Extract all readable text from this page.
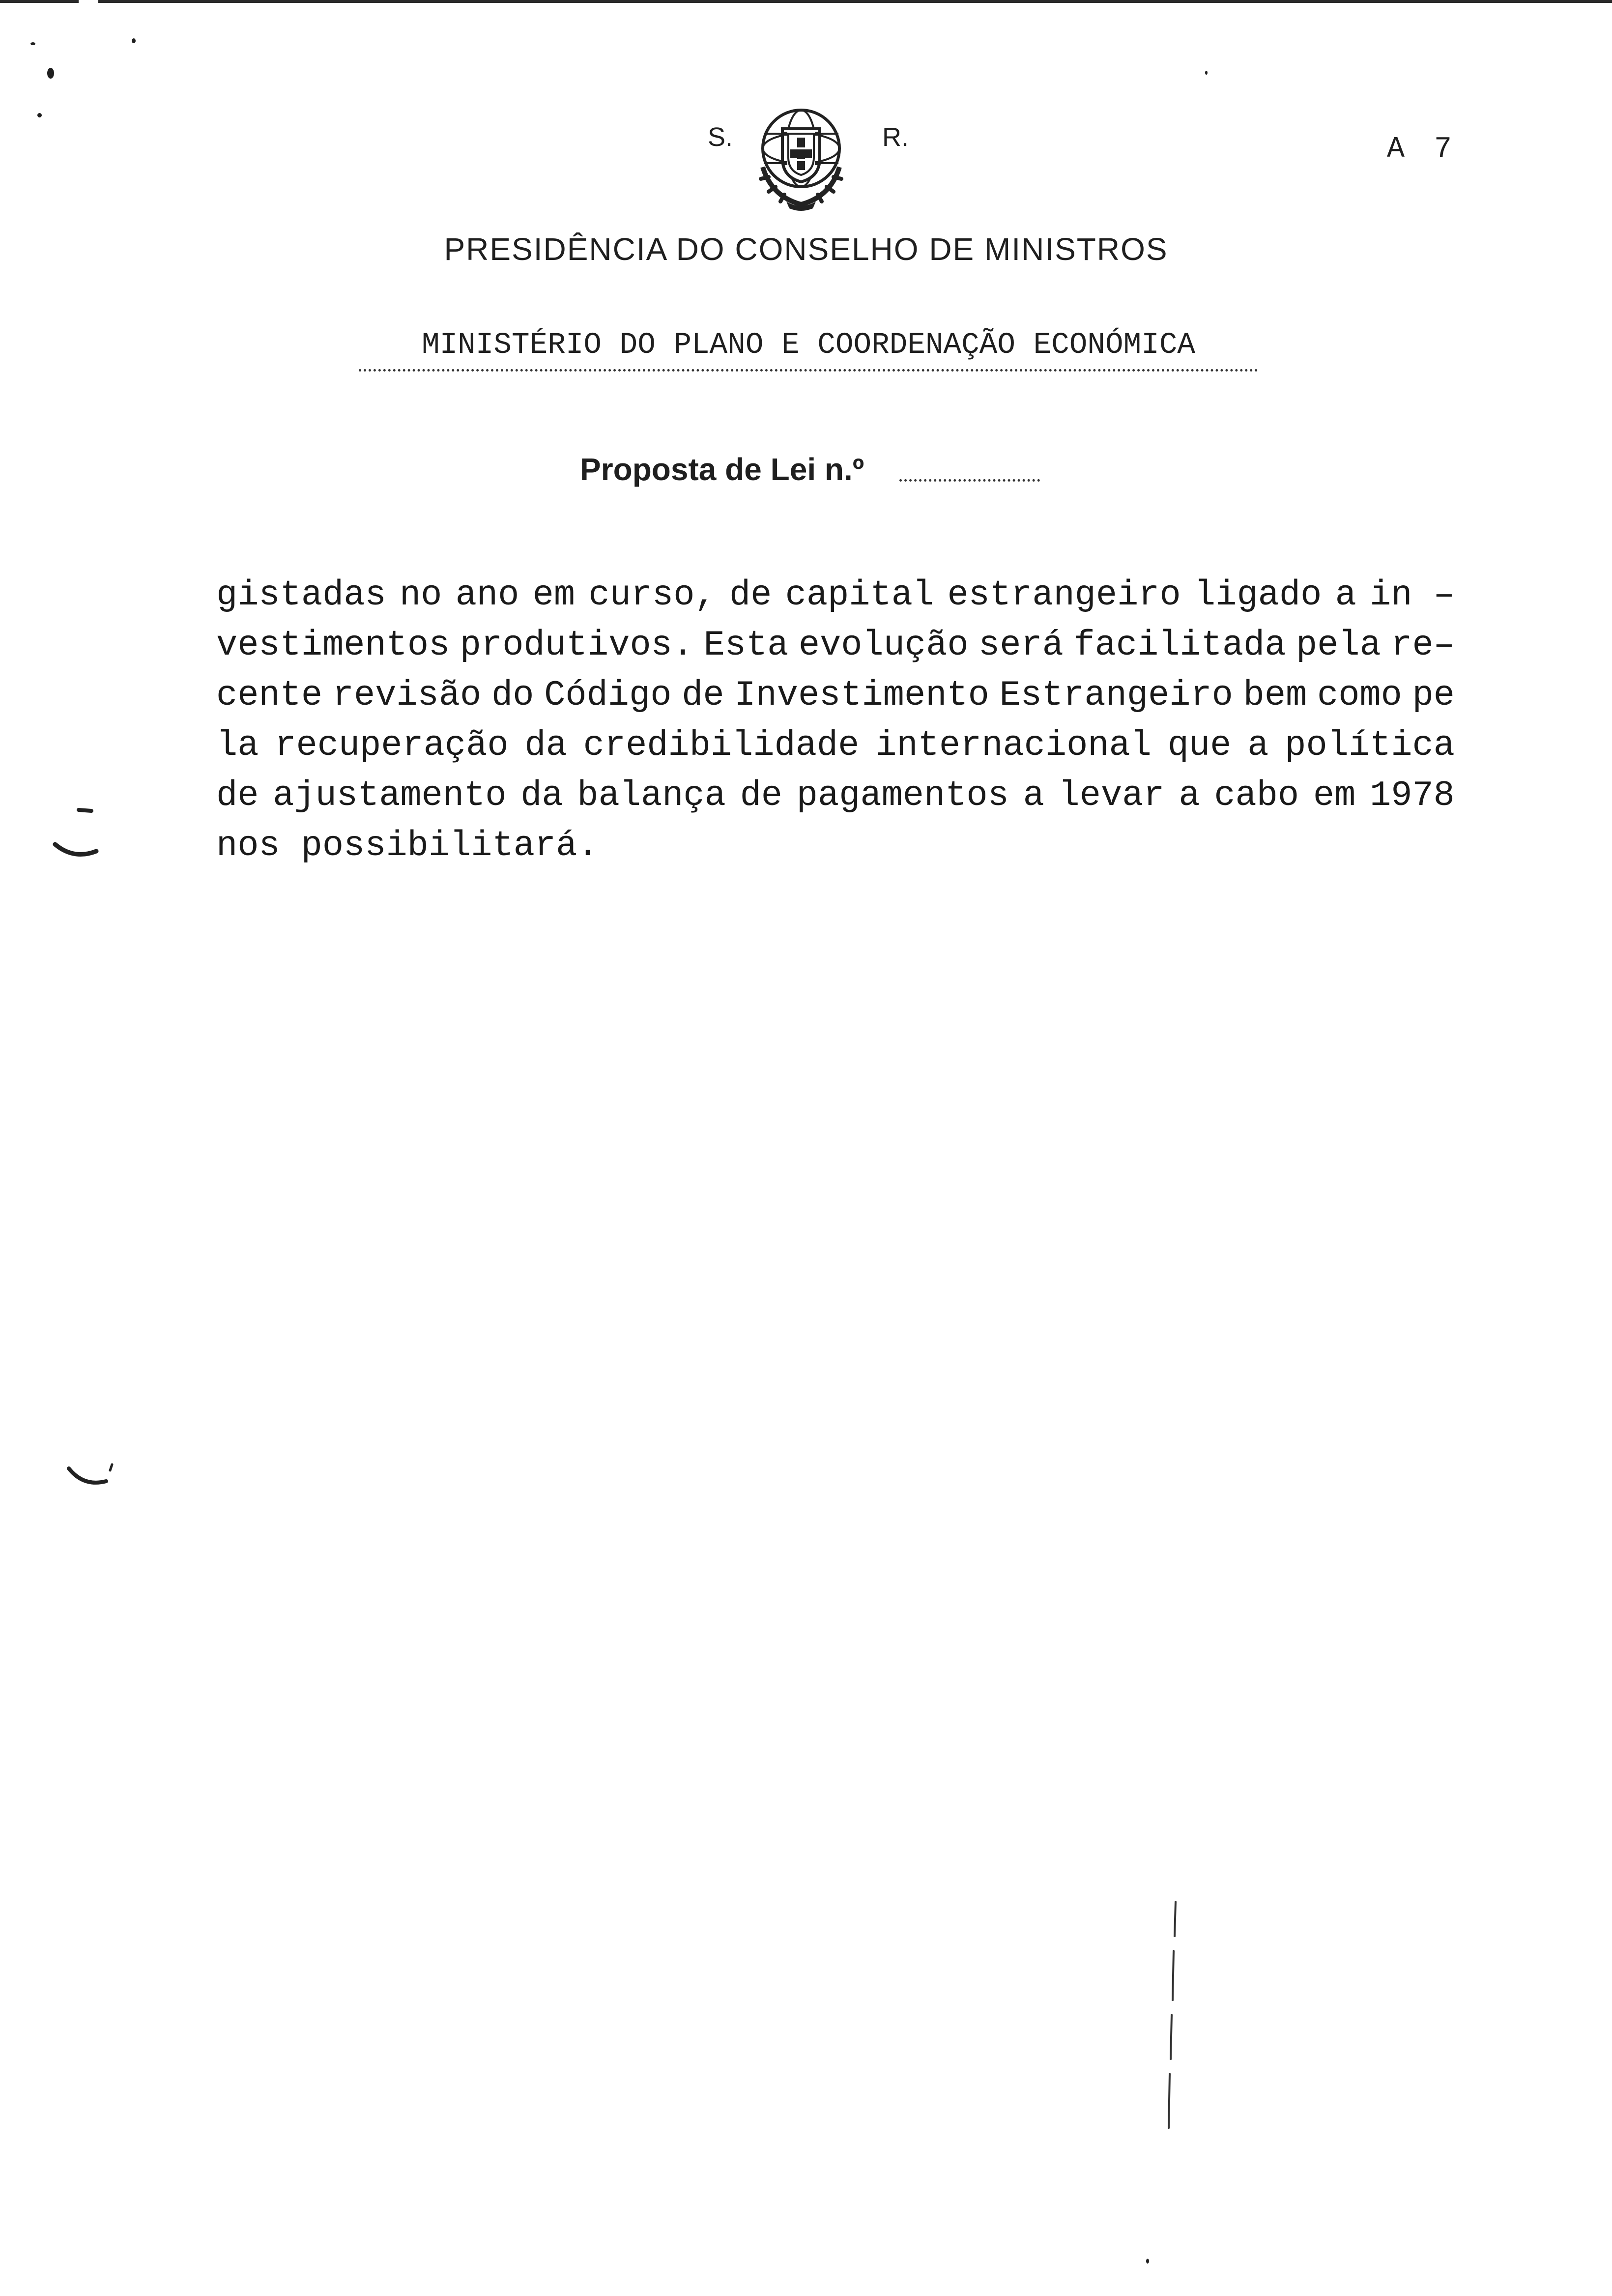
S.	R.	A 7
PRESIDÊNCIA DO CONSELHO DE MINISTROS
MINISTÉRIO DO PLANO E COORDENAÇÃO ECONÓMICA
Proposta de Lei n.º
gistadas no ano em curso, de capital estrangeiro ligado a in –
vestimentos produtivos. Esta evolução será facilitada pela re–
cente revisão do Código de Investimento Estrangeiro bem como pe
la recuperação da credibilidade internacional que a política
de ajustamento da balança de pagamentos a levar a cabo em 1978
nos possibilitará.
